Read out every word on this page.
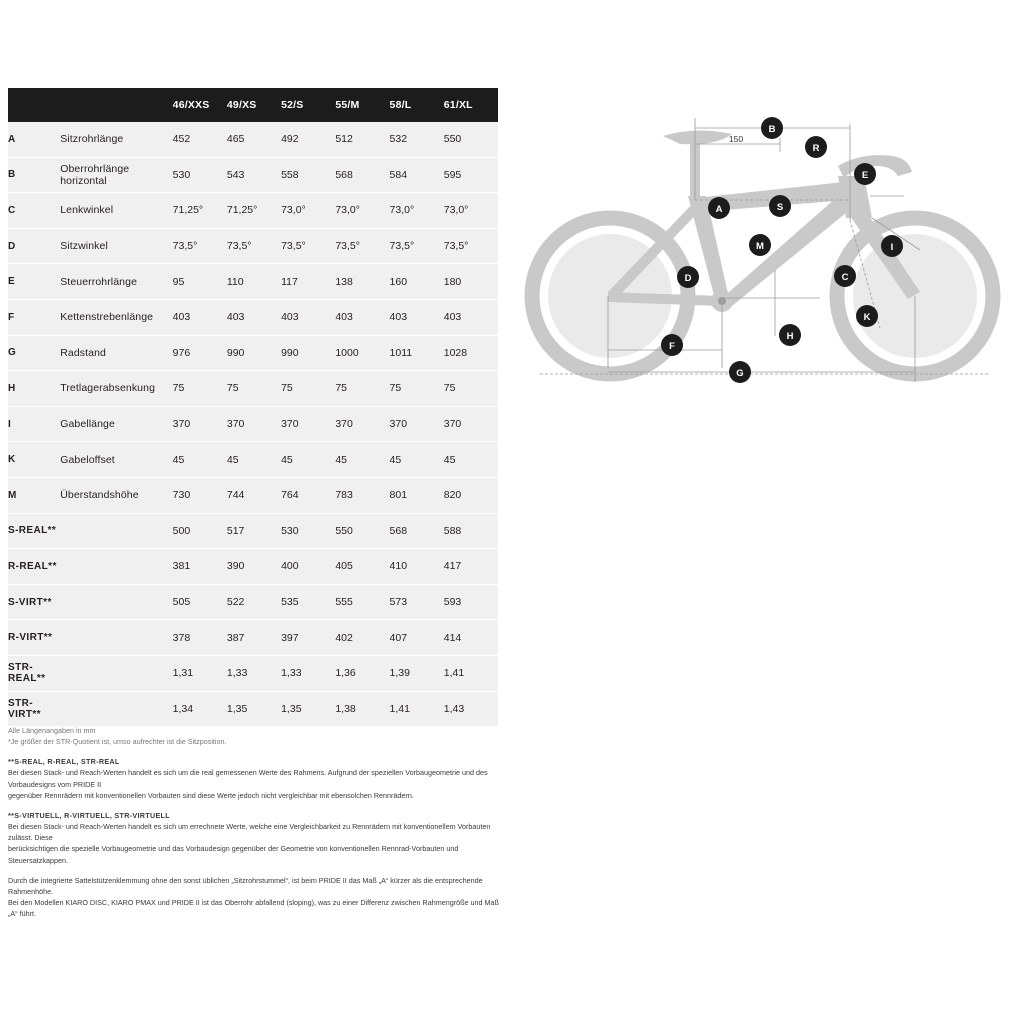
		46/XXS	49/XS	52/S	55/M	58/L	61/XL
A	Sitzrohrlänge	452	465	492	512	532	550
B	Oberrohrlänge horizontal	530	543	558	568	584	595
C	Lenkwinkel	71,25°	71,25°	73,0°	73,0°	73,0°	73,0°
D	Sitzwinkel	73,5°	73,5°	73,5°	73,5°	73,5°	73,5°
E	Steuerrohrlänge	95	110	117	138	160	180
F	Kettenstrebenlänge	403	403	403	403	403	403
G	Radstand	976	990	990	1000	1011	1028
H	Tretlagerabsenkung	75	75	75	75	75	75
I	Gabellänge	370	370	370	370	370	370
K	Gabeloffset	45	45	45	45	45	45
M	Überstandshöhe	730	744	764	783	801	820
S-REAL**		500	517	530	550	568	588
R-REAL**		381	390	400	405	410	417
S-VIRT**		505	522	535	555	573	593
R-VIRT**		378	387	397	402	407	414
STR-REAL**		1,31	1,33	1,33	1,36	1,39	1,41
STR-VIRT**		1,34	1,35	1,35	1,38	1,41	1,43

Alle Längenangaben in mm

*Je größer der STR-Quotient ist, umso aufrechter ist die Sitzposition.

**S-REAL, R-REAL, STR-REAL

Bei diesen Stack- und Reach-Werten handelt es sich um die real gemessenen Werte des Rahmens. Aufgrund der speziellen Vorbaugeometrie und des Vorbaudesigns vom PRIDE II

gegenüber Rennrädern mit konventionellen Vorbauten sind diese Werte jedoch nicht vergleichbar mit ebensolchen Rennrädern.

**S-VIRTUELL, R-VIRTUELL, STR-VIRTUELL

Bei diesen Stack- und Reach-Werten handelt es sich um errechnete Werte, welche eine Vergleichbarkeit zu Rennrädern mit konventionellem Vorbauten zulässt. Diese

berücksichtigen die spezielle Vorbaugeometrie und das Vorbaudesign gegenüber der Geometrie von konventionellen Rennrad-Vorbauten und Steuersatzkappen.

Durch die integrierte Sattelstützenklemmung ohne den sonst üblichen „Sitzrohrstummel“, ist beim PRIDE II das Maß „A“ kürzer als die entsprechende Rahmenhöhe.

Bei den Modellen KIARO DISC, KIARO PMAX und PRIDE II ist das Oberrohr abfallend (sloping), was zu einer Differenz zwischen Rahmengröße und Maß „A“ führt.

150
B
R
E
A	S
M	I
D	C
K
F
H
G
